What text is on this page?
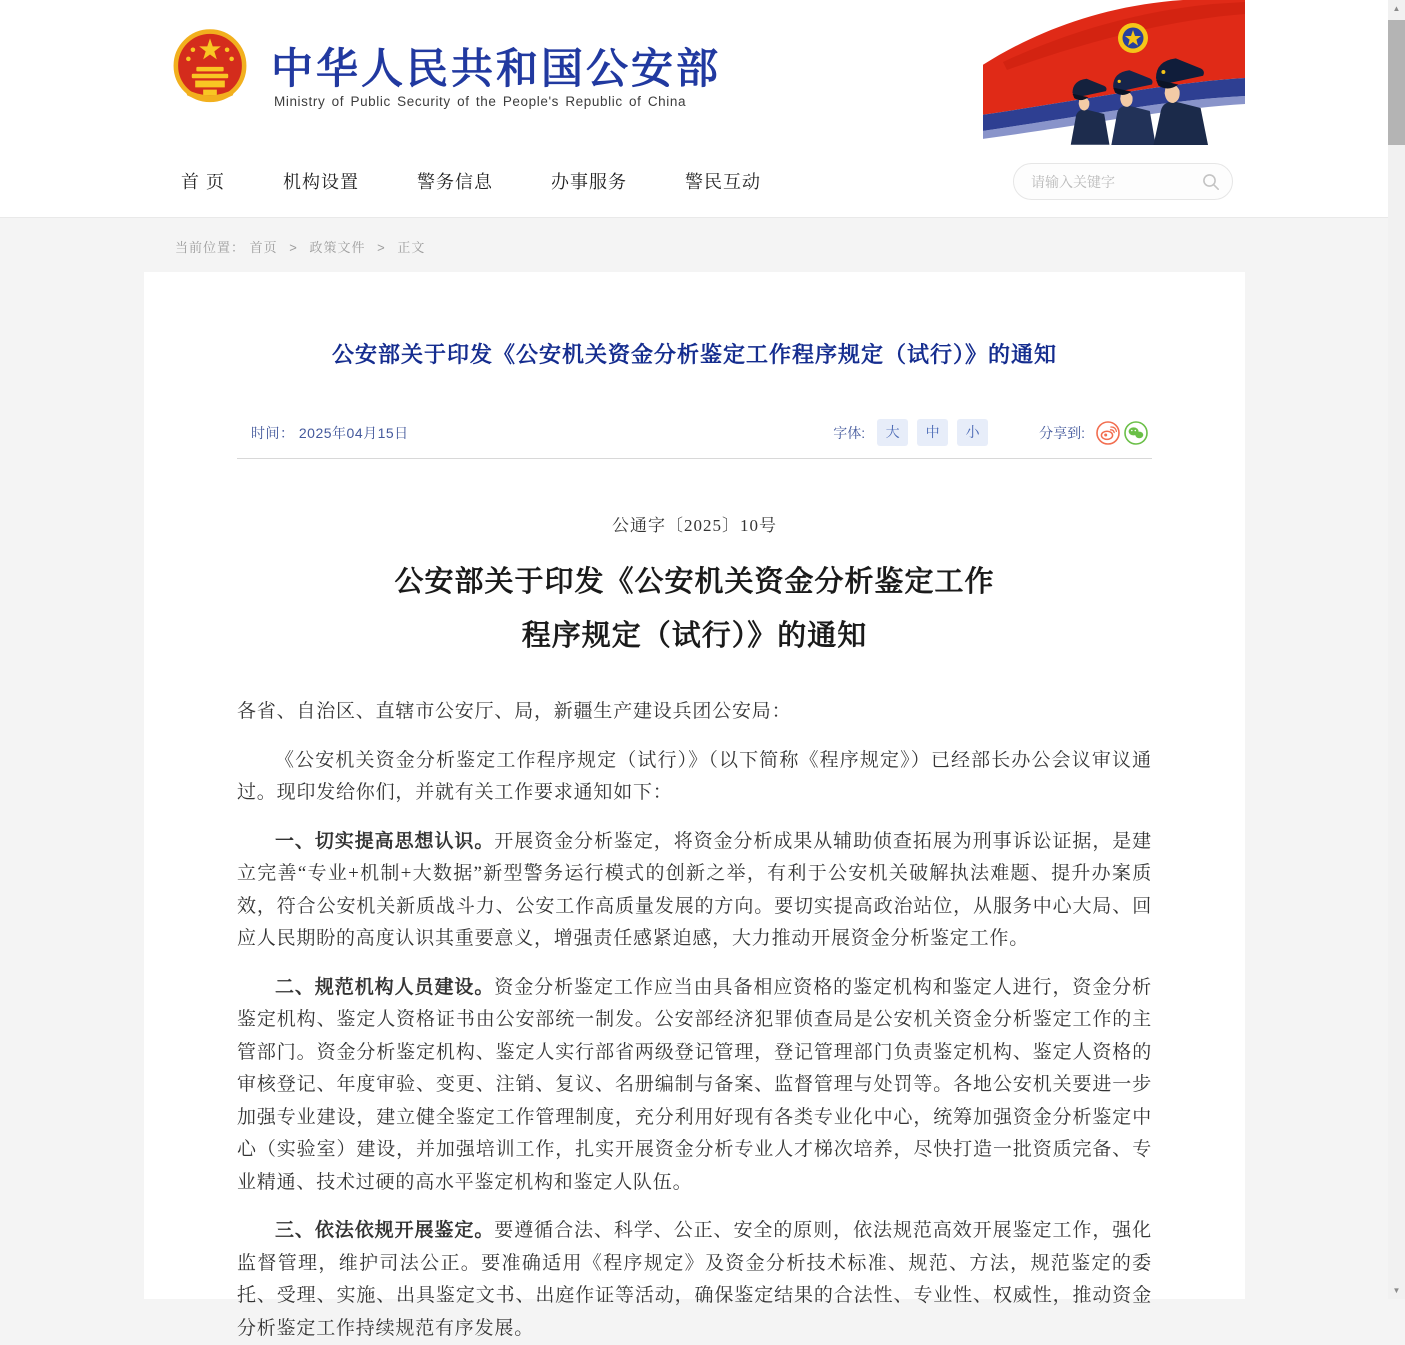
中华人民共和国公安部
Ministry of Public Security of the People's Republic of China
首 页	机构设置	警务信息	办事服务	警民互动
请输入关键字
当前位置： 首页 > 政策文件 > 正文
公安部关于印发《公安机关资金分析鉴定工作程序规定（试行）》的通知
时间： 2025年04月15日	字体:	大	中	小	分享到:
公通字〔2025〕10号
公安部关于印发《公安机关资金分析鉴定工作
程序规定（试行）》的通知

各省、自治区、直辖市公安厅、局，新疆生产建设兵团公安局：

《公安机关资金分析鉴定工作程序规定（试行）》（以下简称《程序规定》）已经部长办公会议审议通过。现印发给你们，并就有关工作要求通知如下：

一、切实提高思想认识。开展资金分析鉴定，将资金分析成果从辅助侦查拓展为刑事诉讼证据，是建立完善“专业+机制+大数据”新型警务运行模式的创新之举，有利于公安机关破解执法难题、提升办案质效，符合公安机关新质战斗力、公安工作高质量发展的方向。要切实提高政治站位，从服务中心大局、回应人民期盼的高度认识其重要意义，增强责任感紧迫感，大力推动开展资金分析鉴定工作。

二、规范机构人员建设。资金分析鉴定工作应当由具备相应资格的鉴定机构和鉴定人进行，资金分析鉴定机构、鉴定人资格证书由公安部统一制发。公安部经济犯罪侦查局是公安机关资金分析鉴定工作的主管部门。资金分析鉴定机构、鉴定人实行部省两级登记管理，登记管理部门负责鉴定机构、鉴定人资格的审核登记、年度审验、变更、注销、复议、名册编制与备案、监督管理与处罚等。各地公安机关要进一步加强专业建设，建立健全鉴定工作管理制度，充分利用好现有各类专业化中心，统筹加强资金分析鉴定中心（实验室）建设，并加强培训工作，扎实开展资金分析专业人才梯次培养，尽快打造一批资质完备、专业精通、技术过硬的高水平鉴定机构和鉴定人队伍。

三、依法依规开展鉴定。要遵循合法、科学、公正、安全的原则，依法规范高效开展鉴定工作，强化监督管理，维护司法公正。要准确适用《程序规定》及资金分析技术标准、规范、方法，规范鉴定的委托、受理、实施、出具鉴定文书、出庭作证等活动，确保鉴定结果的合法性、专业性、权威性，推动资金分析鉴定工作持续规范有序发展。

▲
▼
